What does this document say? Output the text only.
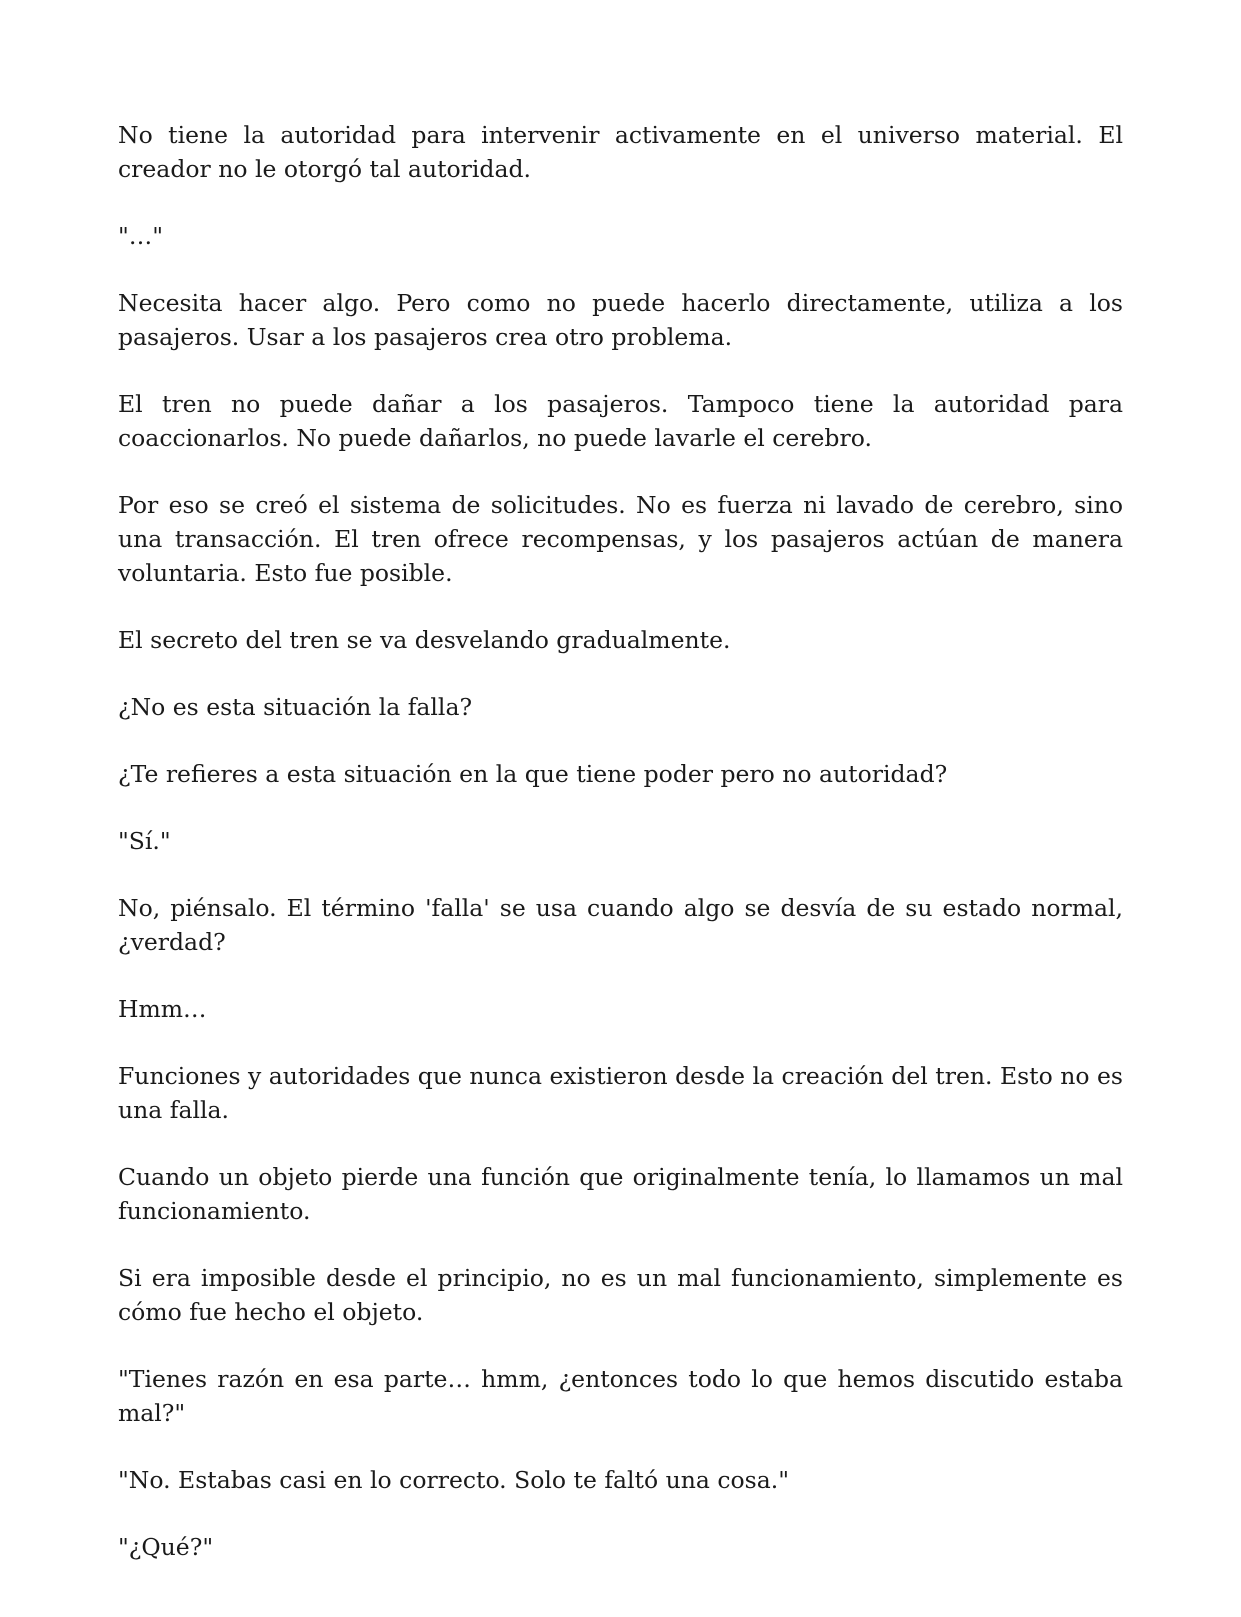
No tiene la autoridad para intervenir activamente en el universo material. El creador no le otorgó tal autoridad.

"…"

Necesita hacer algo. Pero como no puede hacerlo directamente, utiliza a los pasajeros. Usar a los pasajeros crea otro problema.

El tren no puede dañar a los pasajeros. Tampoco tiene la autoridad para coaccionarlos. No puede dañarlos, no puede lavarle el cerebro.

Por eso se creó el sistema de solicitudes. No es fuerza ni lavado de cerebro, sino una transacción. El tren ofrece recompensas, y los pasajeros actúan de manera voluntaria. Esto fue posible.

El secreto del tren se va desvelando gradualmente.

¿No es esta situación la falla?

¿Te refieres a esta situación en la que tiene poder pero no autoridad?

"Sí."

No, piénsalo. El término 'falla' se usa cuando algo se desvía de su estado normal, ¿verdad?

Hmm…

Funciones y autoridades que nunca existieron desde la creación del tren. Esto no es una falla.

Cuando un objeto pierde una función que originalmente tenía, lo llamamos un mal funcionamiento.

Si era imposible desde el principio, no es un mal funcionamiento, simplemente es cómo fue hecho el objeto.

"Tienes razón en esa parte… hmm, ¿entonces todo lo que hemos discutido estaba mal?"

"No. Estabas casi en lo correcto. Solo te faltó una cosa."

"¿Qué?"
